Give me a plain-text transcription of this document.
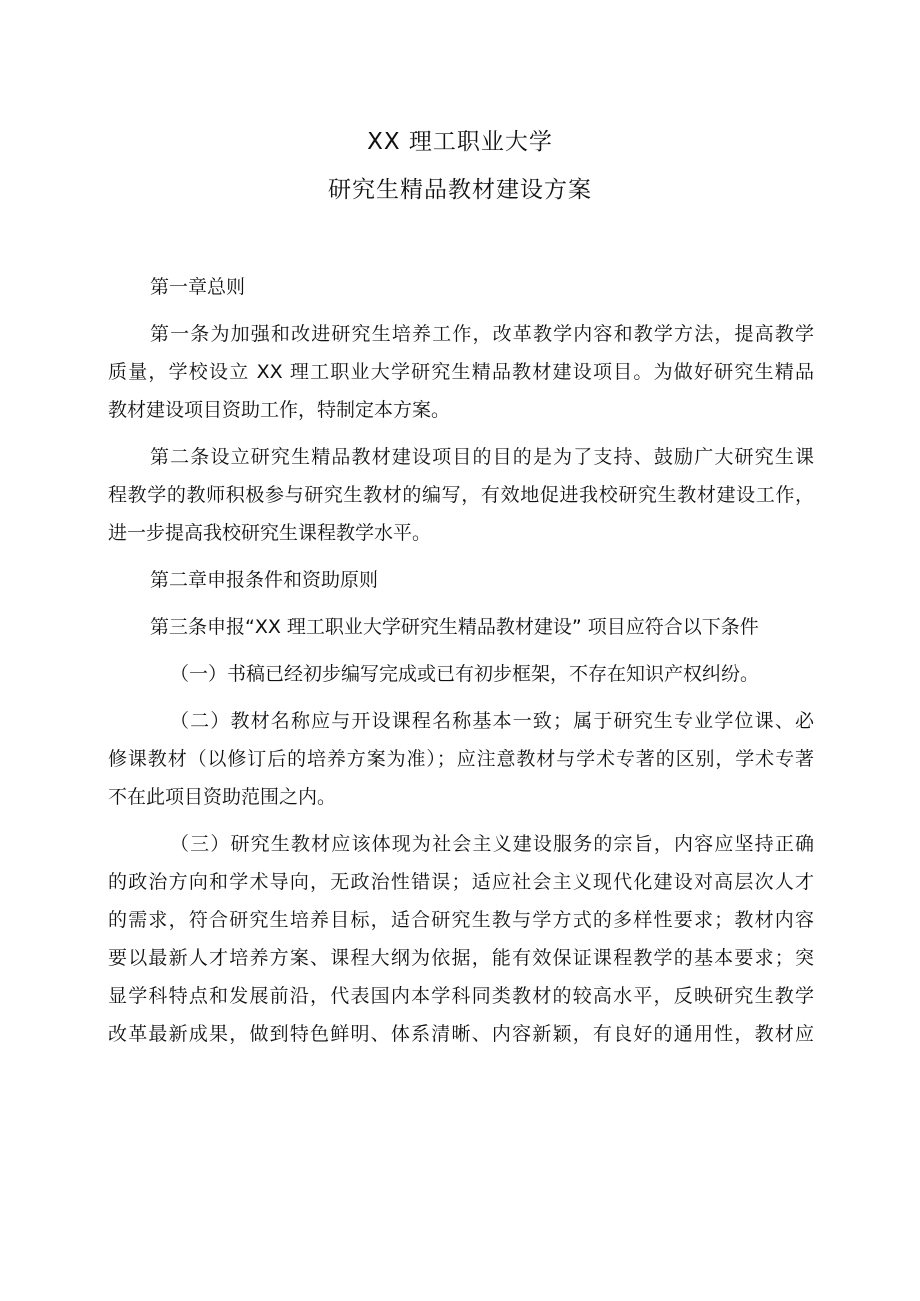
XX 理工职业大学
研究生精品教材建设方案
第一章总则
第一条为加强和改进研究生培养工作，改革教学内容和教学方法，提高教学
质量，学校设立 XX 理工职业大学研究生精品教材建设项目。为做好研究生精品
教材建设项目资助工作，特制定本方案。
第二条设立研究生精品教材建设项目的目的是为了支持、鼓励广大研究生课
程教学的教师积极参与研究生教材的编写，有效地促进我校研究生教材建设工作，
进一步提高我校研究生课程教学水平。
第二章申报条件和资助原则
第三条申报“XX 理工职业大学研究生精品教材建设” 项目应符合以下条件
（一）书稿已经初步编写完成或已有初步框架，不存在知识产权纠纷。
（二）教材名称应与开设课程名称基本一致；属于研究生专业学位课、必
修课教材（以修订后的培养方案为准）；应注意教材与学术专著的区别，学术专著
不在此项目资助范围之内。
（三）研究生教材应该体现为社会主义建设服务的宗旨，内容应坚持正确
的政治方向和学术导向，无政治性错误；适应社会主义现代化建设对高层次人才
的需求，符合研究生培养目标，适合研究生教与学方式的多样性要求；教材内容
要以最新人才培养方案、课程大纲为依据，能有效保证课程教学的基本要求；突
显学科特点和发展前沿，代表国内本学科同类教材的较高水平，反映研究生教学
改革最新成果，做到特色鲜明、体系清晰、内容新颖，有良好的通用性，教材应
